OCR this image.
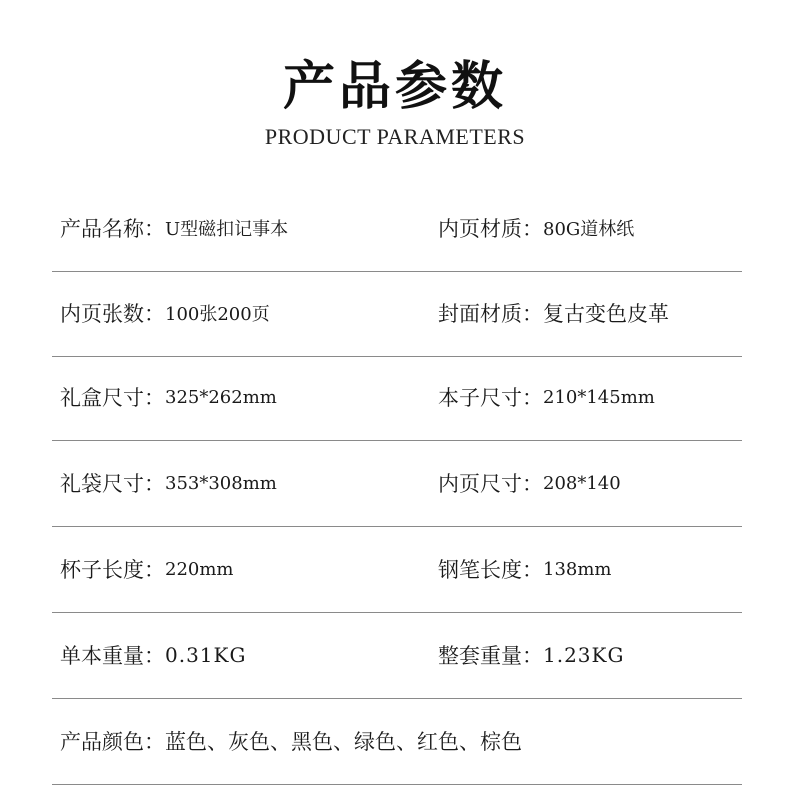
产品参数
PRODUCT PARAMETERS
产品名称： U型磁扣记事本	内页材质： 80G道林纸
内页张数： 100张200页	封面材质： 复古变色皮革
礼盒尺寸： 325*262mm	本子尺寸： 210*145mm
礼袋尺寸： 353*308mm	内页尺寸： 208*140
杯子长度： 220mm	钢笔长度： 138mm
单本重量： 0.31KG	整套重量： 1.23KG
产品颜色： 蓝色、灰色、黑色、绿色、红色、棕色
